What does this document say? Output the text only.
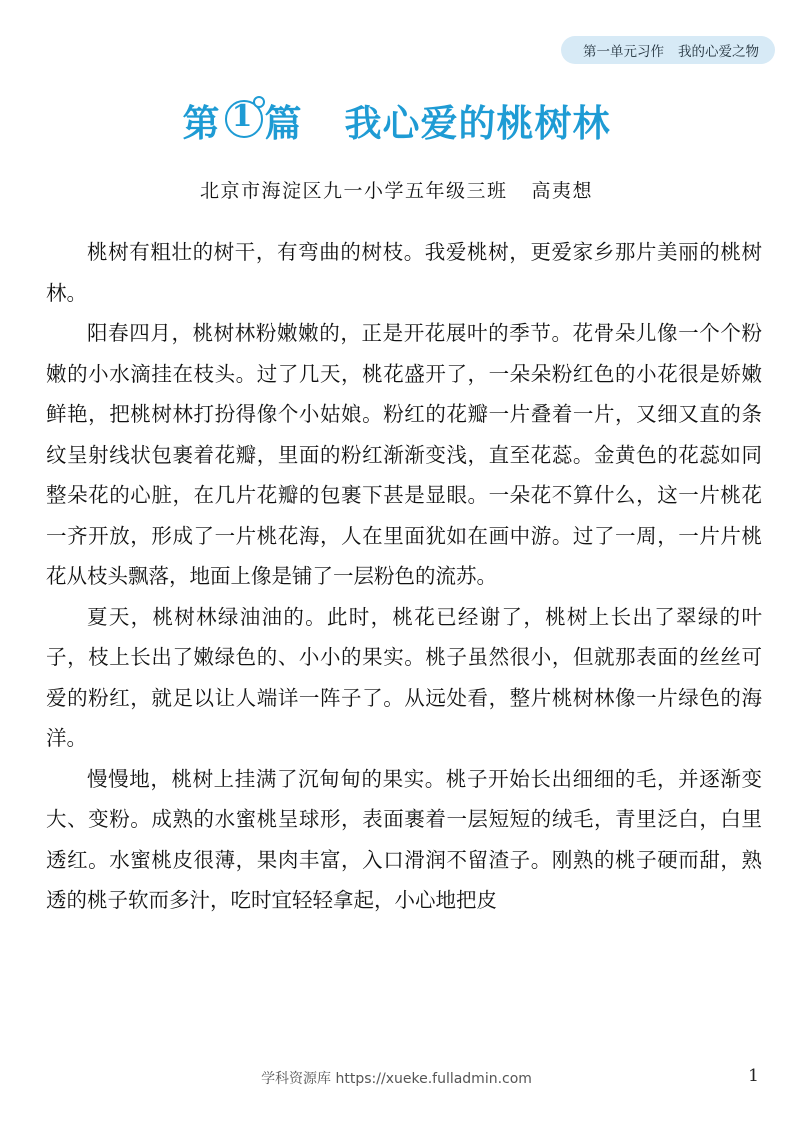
第一单元习作 我的心爱之物
第 1 篇 我心爱的桃树林
北京市海淀区九一小学五年级三班 高夷想

桃树有粗壮的树干，有弯曲的树枝。我爱桃树，更爱家乡那片美丽的桃树林。

阳春四月，桃树林粉嫩嫩的，正是开花展叶的季节。花骨朵儿像一个个粉嫩的小水滴挂在枝头。过了几天，桃花盛开了，一朵朵粉红色的小花很是娇嫩鲜艳，把桃树林打扮得像个小姑娘。粉红的花瓣一片叠着一片，又细又直的条纹呈射线状包裹着花瓣，里面的粉红渐渐变浅，直至花蕊。金黄色的花蕊如同整朵花的心脏，在几片花瓣的包裹下甚是显眼。一朵花不算什么，这一片桃花一齐开放，形成了一片桃花海，人在里面犹如在画中游。过了一周，一片片桃花从枝头飘落，地面上像是铺了一层粉色的流苏。

夏天，桃树林绿油油的。此时，桃花已经谢了，桃树上长出了翠绿的叶子，枝上长出了嫩绿色的、小小的果实。桃子虽然很小，但就那表面的丝丝可爱的粉红，就足以让人端详一阵子了。从远处看，整片桃树林像一片绿色的海洋。

慢慢地，桃树上挂满了沉甸甸的果实。桃子开始长出细细的毛，并逐渐变大、变粉。成熟的水蜜桃呈球形，表面裹着一层短短的绒毛，青里泛白，白里透红。水蜜桃皮很薄，果肉丰富，入口滑润不留渣子。刚熟的桃子硬而甜，熟透的桃子软而多汁，吃时宜轻轻拿起，小心地把皮

学科资源库 https://xueke.fulladmin.com	1
